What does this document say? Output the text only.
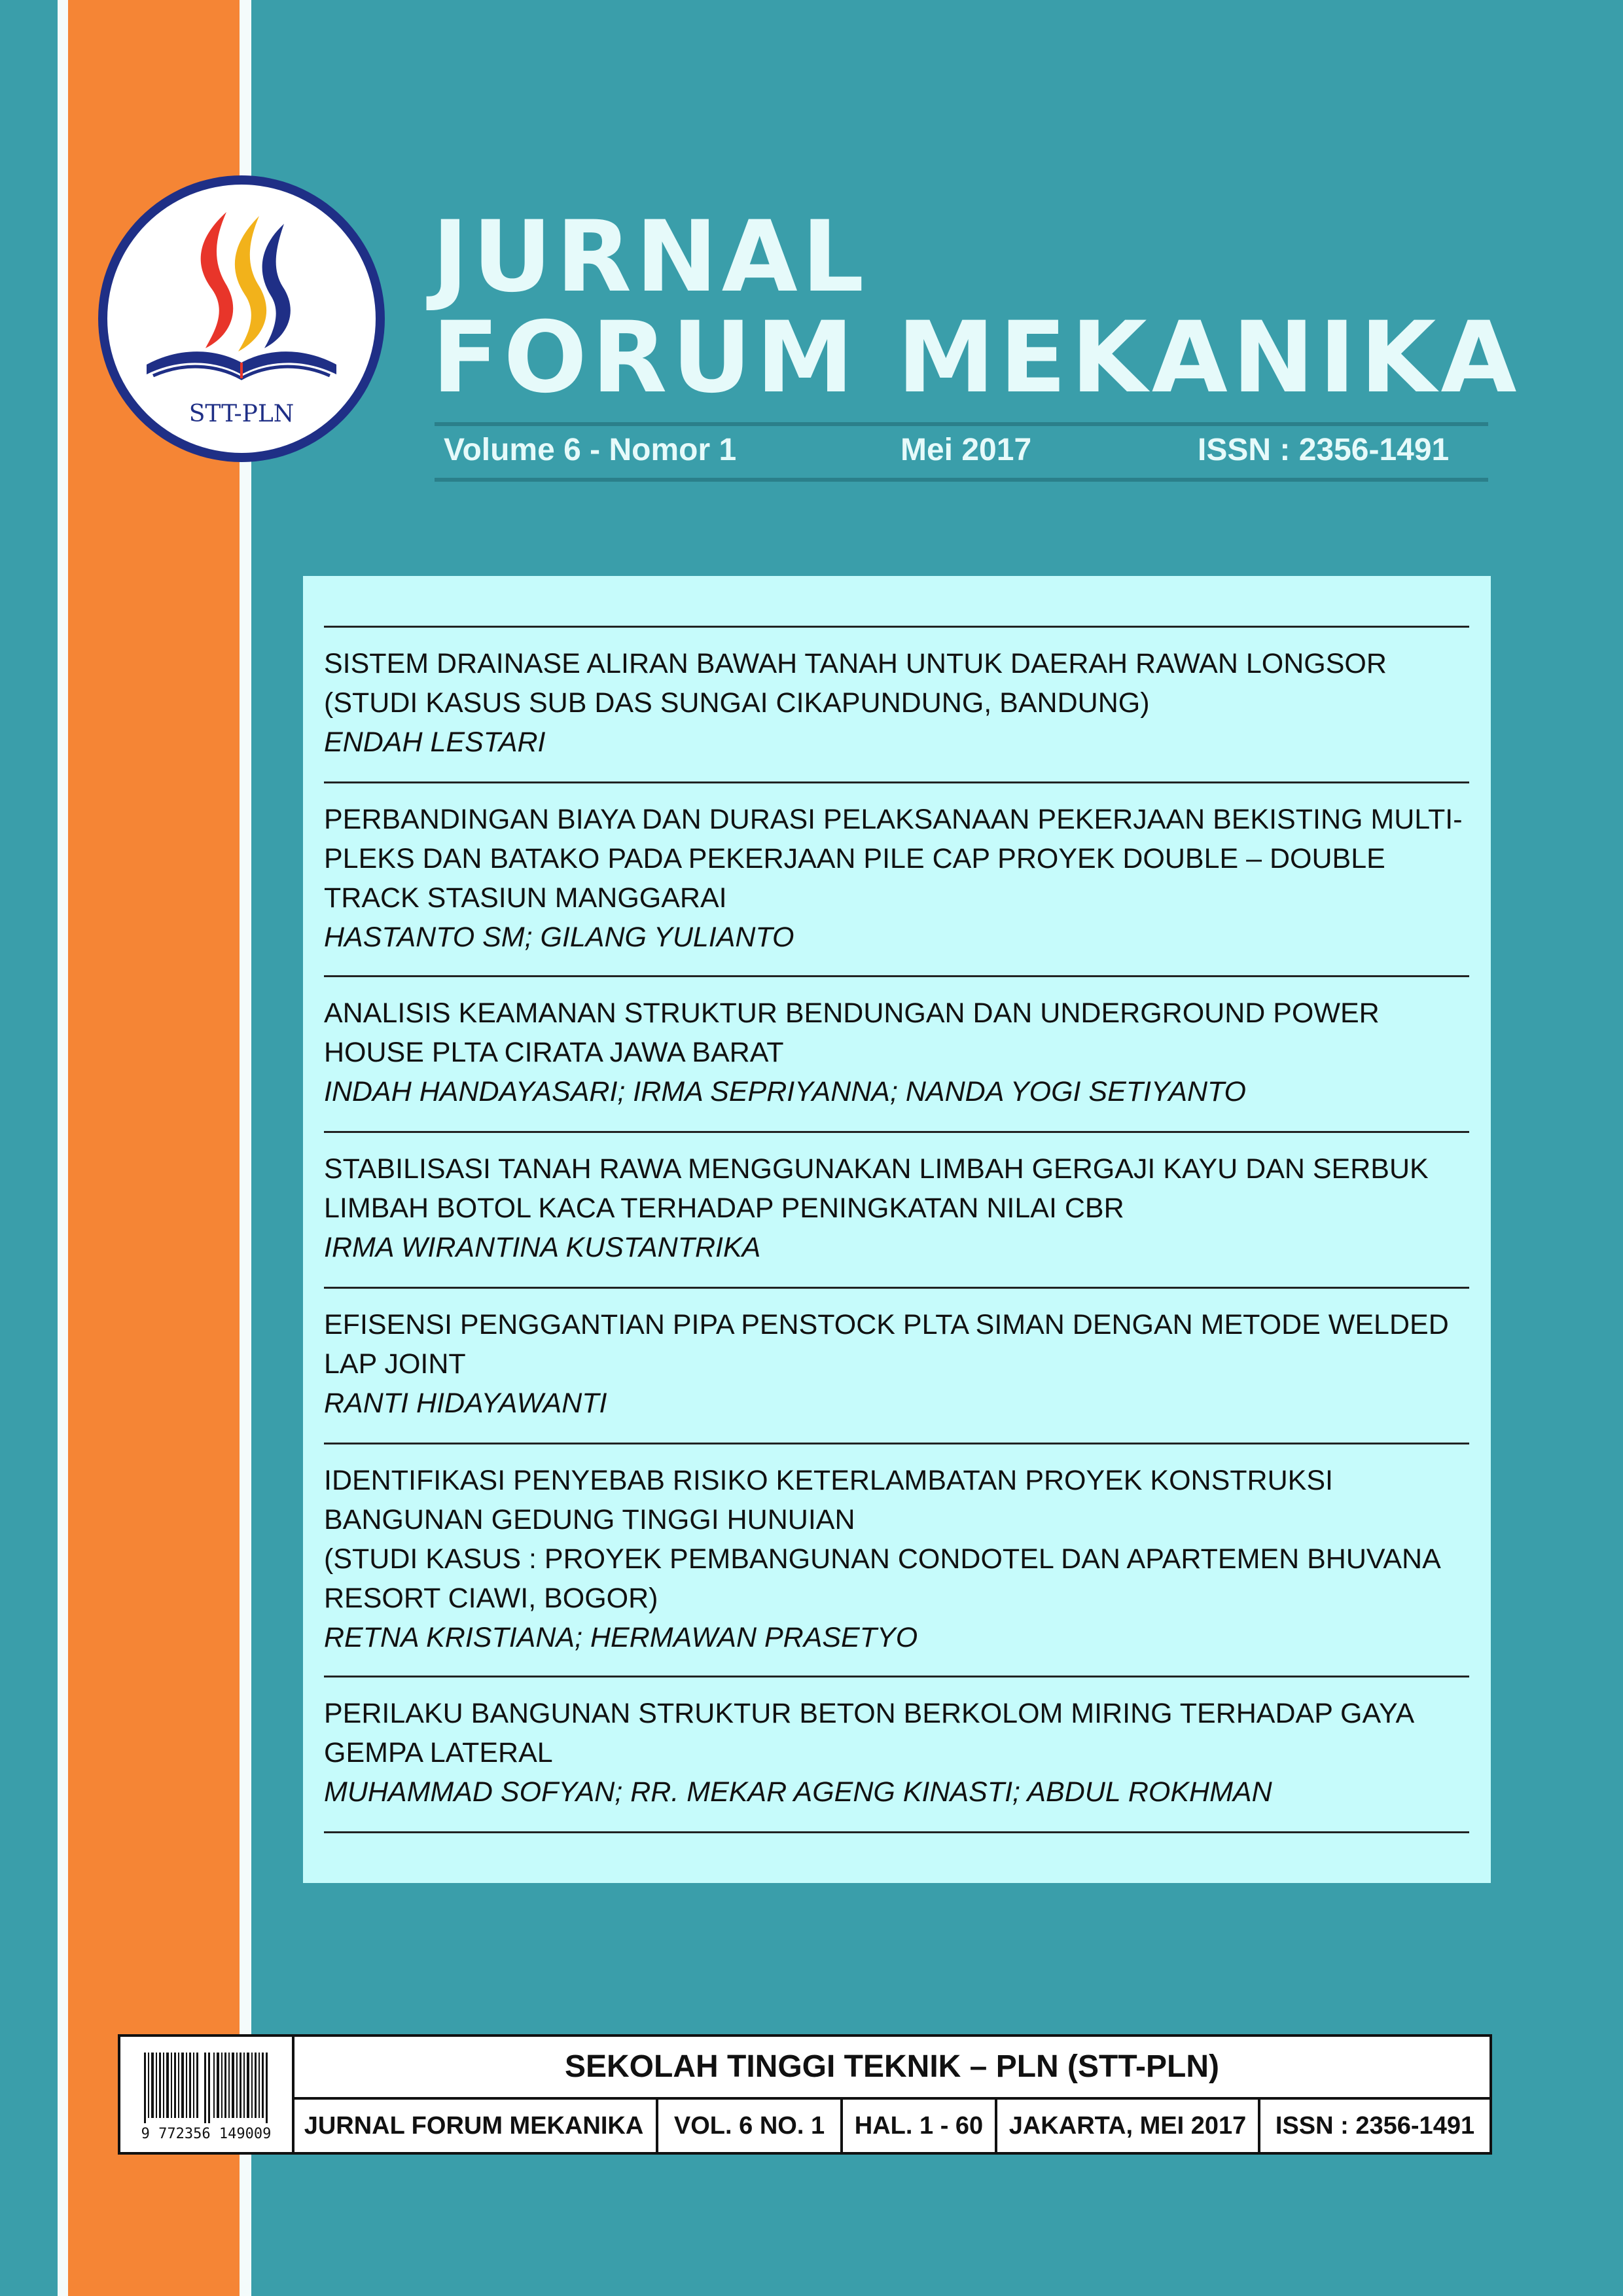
STT-PLN
JURNAL
FORUM MEKANIKA
Volume 6 - Nomor 1	Mei 2017	ISSN : 2356-1491
SISTEM DRAINASE ALIRAN BAWAH TANAH UNTUK DAERAH RAWAN LONGSOR (STUDI KASUS SUB DAS SUNGAI CIKAPUNDUNG, BANDUNG)
ENDAH LESTARI
PERBANDINGAN BIAYA DAN DURASI PELAKSANAAN PEKERJAAN BEKISTING MULTI-PLEKS DAN BATAKO PADA PEKERJAAN PILE CAP PROYEK DOUBLE – DOUBLE TRACK STASIUN MANGGARAI
HASTANTO SM; GILANG YULIANTO
ANALISIS KEAMANAN STRUKTUR BENDUNGAN DAN UNDERGROUND POWER HOUSE PLTA CIRATA JAWA BARAT
INDAH HANDAYASARI; IRMA SEPRIYANNA; NANDA YOGI SETIYANTO
STABILISASI TANAH RAWA MENGGUNAKAN LIMBAH GERGAJI KAYU DAN SERBUK LIMBAH BOTOL KACA TERHADAP PENINGKATAN NILAI CBR
IRMA WIRANTINA KUSTANTRIKA
EFISENSI PENGGANTIAN PIPA PENSTOCK PLTA SIMAN DENGAN METODE WELDED LAP JOINT
RANTI HIDAYAWANTI
IDENTIFIKASI PENYEBAB RISIKO KETERLAMBATAN PROYEK KONSTRUKSI BANGUNAN GEDUNG TINGGI HUNUIAN
(STUDI KASUS : PROYEK PEMBANGUNAN CONDOTEL DAN APARTEMEN BHUVANA RESORT CIAWI, BOGOR)
RETNA KRISTIANA; HERMAWAN PRASETYO
PERILAKU BANGUNAN STRUKTUR BETON BERKOLOM MIRING TERHADAP GAYA GEMPA LATERAL
MUHAMMAD SOFYAN; RR. MEKAR AGENG KINASTI; ABDUL ROKHMAN
9 772356 149009
SEKOLAH TINGGI TEKNIK – PLN (STT-PLN)
JURNAL FORUM MEKANIKA	VOL. 6 NO. 1	HAL. 1 - 60	JAKARTA, MEI 2017	ISSN : 2356-1491
